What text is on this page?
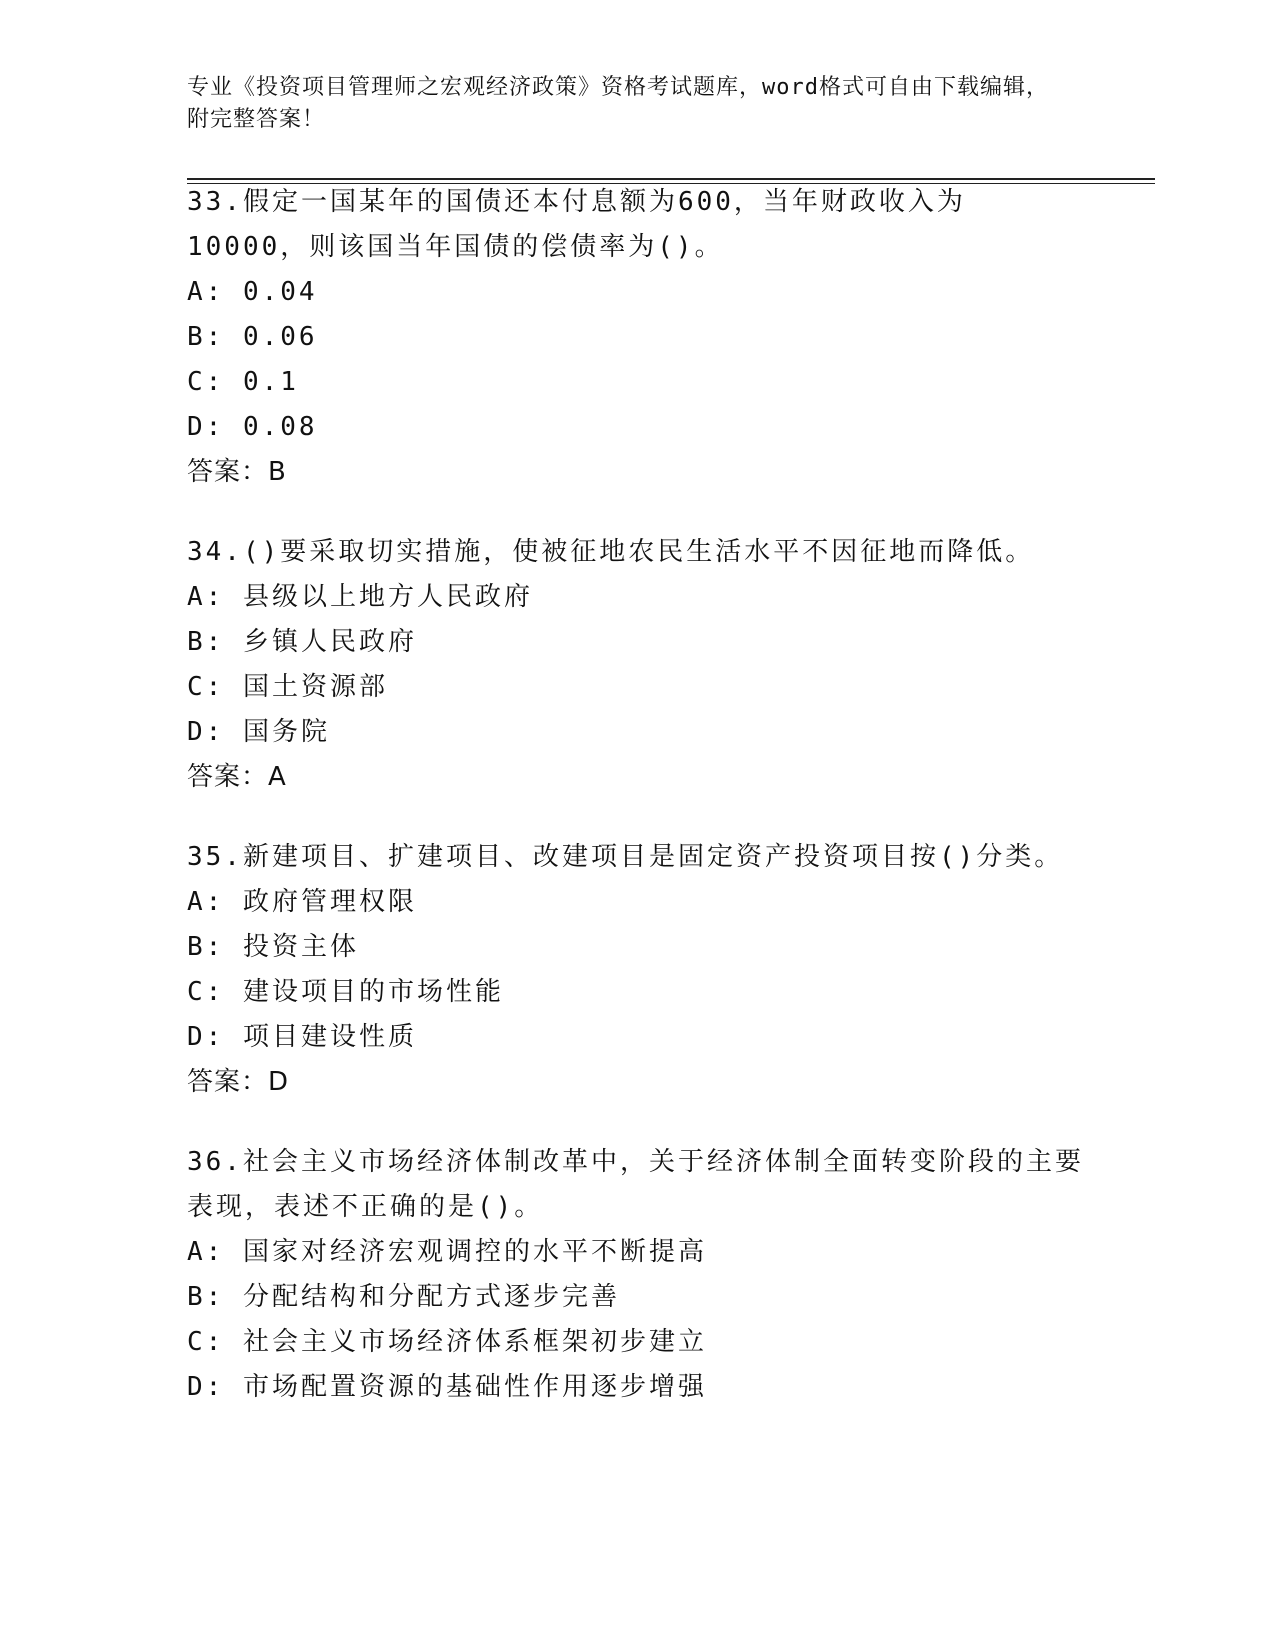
专业《投资项目管理师之宏观经济政策》资格考试题库，word格式可自由下载编辑，附完整答案！
33.假定一国某年的国债还本付息额为600，当年财政收入为10000，则该国当年国债的偿债率为()。
A: 0.04
B: 0.06
C: 0.1
D: 0.08
答案：B
34.()要采取切实措施，使被征地农民生活水平不因征地而降低。
A: 县级以上地方人民政府
B: 乡镇人民政府
C: 国土资源部
D: 国务院
答案：A
35.新建项目、扩建项目、改建项目是固定资产投资项目按()分类。
A: 政府管理权限
B: 投资主体
C: 建设项目的市场性能
D: 项目建设性质
答案：D
36.社会主义市场经济体制改革中，关于经济体制全面转变阶段的主要表现，表述不正确的是()。
A: 国家对经济宏观调控的水平不断提高
B: 分配结构和分配方式逐步完善
C: 社会主义市场经济体系框架初步建立
D: 市场配置资源的基础性作用逐步增强
